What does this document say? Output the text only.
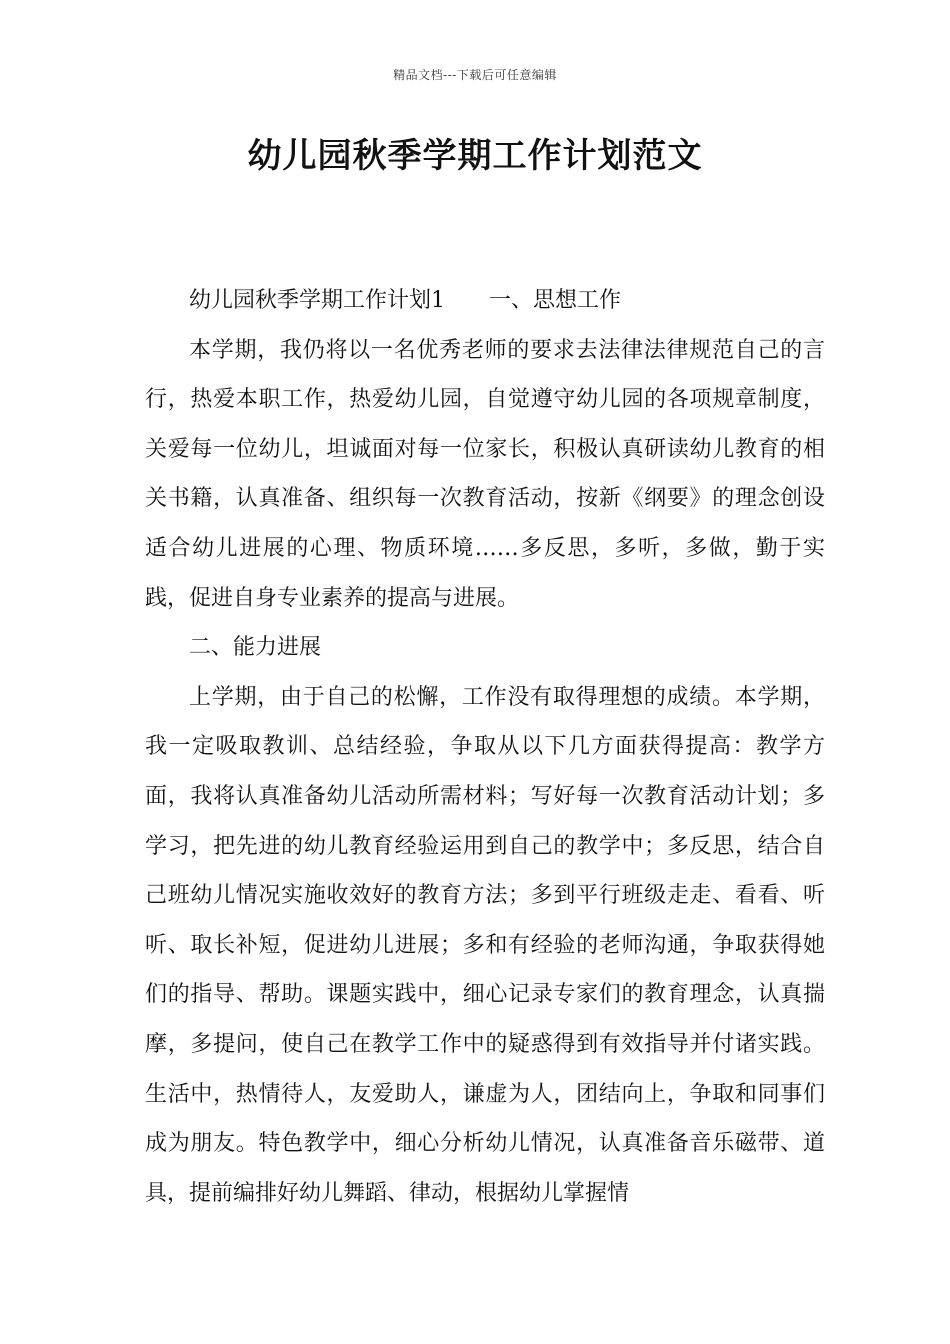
精品文档---下载后可任意编辑
幼儿园秋季学期工作计划范文

幼儿园秋季学期工作计划1　　一、思想工作

本学期，我仍将以一名优秀老师的要求去法律法律规范自己的言行，热爱本职工作，热爱幼儿园，自觉遵守幼儿园的各项规章制度，关爱每一位幼儿，坦诚面对每一位家长，积极认真研读幼儿教育的相关书籍，认真准备、组织每一次教育活动，按新《纲要》的理念创设适合幼儿进展的心理、物质环境……多反思，多听，多做，勤于实践，促进自身专业素养的提高与进展。

二、能力进展

上学期，由于自己的松懈，工作没有取得理想的成绩。本学期，我一定吸取教训、总结经验，争取从以下几方面获得提高：教学方面，我将认真准备幼儿活动所需材料；写好每一次教育活动计划；多学习，把先进的幼儿教育经验运用到自己的教学中；多反思，结合自己班幼儿情况实施收效好的教育方法；多到平行班级走走、看看、听听、取长补短，促进幼儿进展；多和有经验的老师沟通，争取获得她们的指导、帮助。课题实践中，细心记录专家们的教育理念，认真揣摩，多提问，使自己在教学工作中的疑惑得到有效指导并付诸实践。生活中，热情待人，友爱助人，谦虚为人，团结向上，争取和同事们成为朋友。特色教学中，细心分析幼儿情况，认真准备音乐磁带、道具，提前编排好幼儿舞蹈、律动，根据幼儿掌握情
